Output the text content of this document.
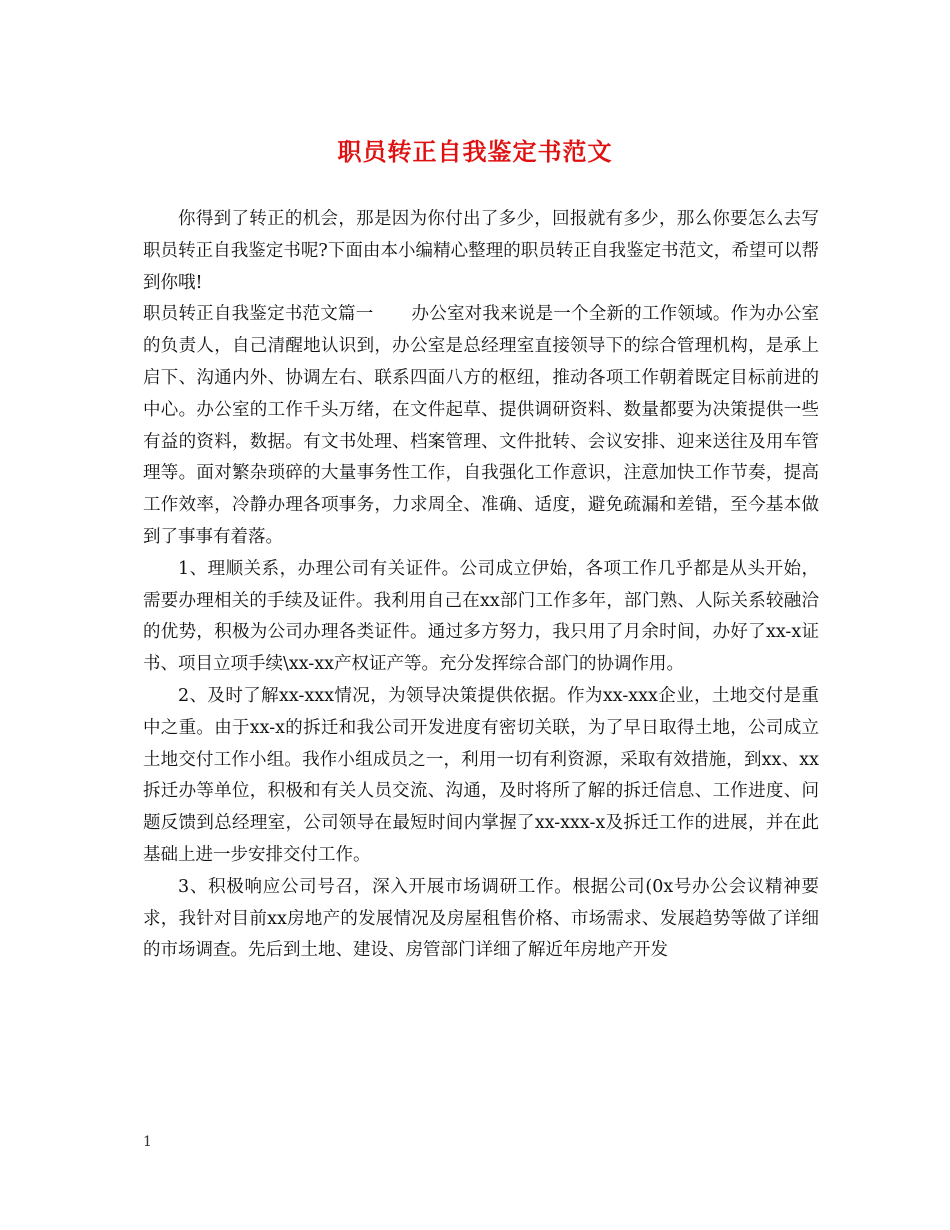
职员转正自我鉴定书范文

你得到了转正的机会，那是因为你付出了多少，回报就有多少，那么你要怎么去写职员转正自我鉴定书呢?下面由本小编精心整理的职员转正自我鉴定书范文，希望可以帮到你哦!

职员转正自我鉴定书范文篇一 办公室对我来说是一个全新的工作领域。作为办公室的负责人，自己清醒地认识到，办公室是总经理室直接领导下的综合管理机构，是承上启下、沟通内外、协调左右、联系四面八方的枢纽，推动各项工作朝着既定目标前进的中心。办公室的工作千头万绪，在文件起草、提供调研资料、数量都要为决策提供一些有益的资料，数据。有文书处理、档案管理、文件批转、会议安排、迎来送往及用车管理等。面对繁杂琐碎的大量事务性工作，自我强化工作意识，注意加快工作节奏，提高工作效率，冷静办理各项事务，力求周全、准确、适度，避免疏漏和差错，至今基本做到了事事有着落。

1、理顺关系，办理公司有关证件。公司成立伊始，各项工作几乎都是从头开始，需要办理相关的手续及证件。我利用自己在xx部门工作多年，部门熟、人际关系较融洽的优势，积极为公司办理各类证件。通过多方努力，我只用了月余时间，办好了xx-x证书、项目立项手续\xx-xx产权证产等。充分发挥综合部门的协调作用。

2、及时了解xx-xxx情况，为领导决策提供依据。作为xx-xxx企业，土地交付是重中之重。由于xx-x的拆迁和我公司开发进度有密切关联，为了早日取得土地，公司成立土地交付工作小组。我作小组成员之一，利用一切有利资源，采取有效措施，到xx、xx拆迁办等单位，积极和有关人员交流、沟通，及时将所了解的拆迁信息、工作进度、问题反馈到总经理室，公司领导在最短时间内掌握了xx-xxx-x及拆迁工作的进展，并在此基础上进一步安排交付工作。

3、积极响应公司号召，深入开展市场调研工作。根据公司(0x号办公会议精神要求，我针对目前xx房地产的发展情况及房屋租售价格、市场需求、发展趋势等做了详细的市场调查。先后到土地、建设、房管部门详细了解近年房地产开发

1
